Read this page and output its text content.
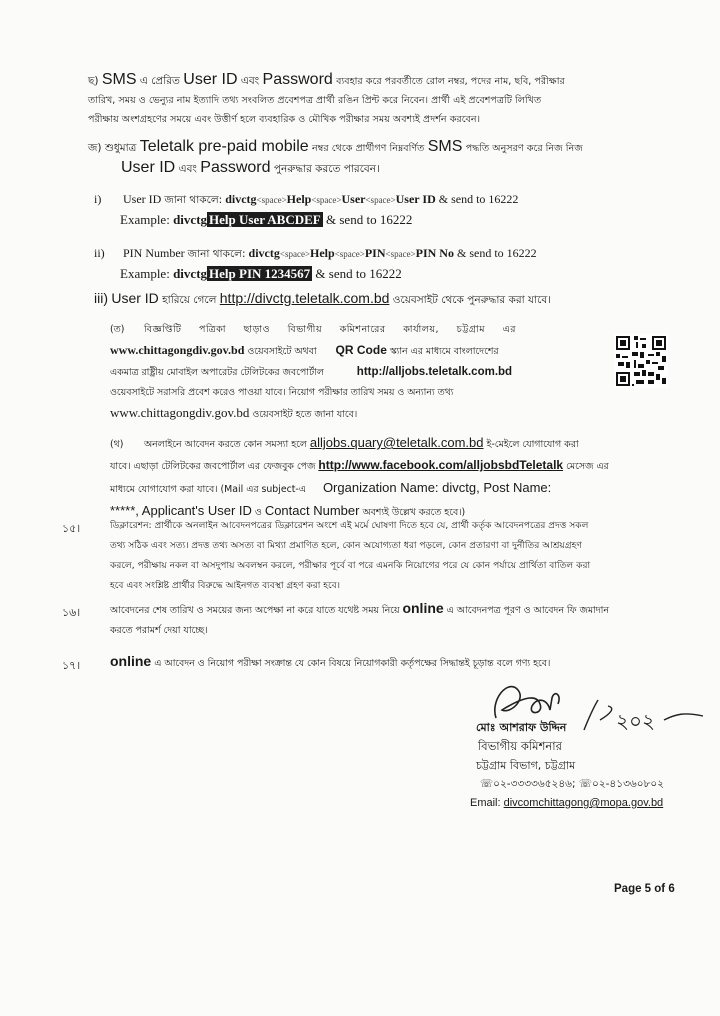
ছ) SMS এ প্রেরিত User ID এবং Password ব্যবহার করে পরবর্তীতে রোল নম্বর, পদের নাম, ছবি, পরীক্ষার
তারিখ, সময় ও ভেন্যুর নাম ইত্যাদি তথ্য সংবলিত প্রবেশপত্র প্রার্থী রঙিন প্রিন্ট করে নিবেন। প্রার্থী এই প্রবেশপত্রটি লিখিত
পরীক্ষায় অংশগ্রহণের সময়ে এবং উত্তীর্ণ হলে ব্যবহারিক ও মৌখিক পরীক্ষার সময় অবশ্যই প্রদর্শন করবেন।
জ) শুধুমাত্র Teletalk pre-paid mobile নম্বর থেকে প্রার্থীগণ নিম্নবর্ণিত SMS পদ্ধতি অনুসরণ করে নিজ নিজ
User ID এবং Password পুনরুদ্ধার করতে পারবেন।
i) User ID জানা থাকলে: divctg<space>Help<space>User<space>User ID & send to 16222
Example: divctg Help User ABCDEF & send to 16222
ii) PIN Number জানা থাকলে: divctg<space>Help<space>PIN<space>PIN No & send to 16222
Example: divctg Help PIN 1234567 & send to 16222
iii) User ID হারিয়ে গেলে http://divctg.teletalk.com.bd ওয়েবসাইট থেকে পুনরুদ্ধার করা যাবে।
(ত) বিজ্ঞপ্তিটি পত্রিকা ছাড়াও বিভাগীয় কমিশনারের কার্যালয়, চট্টগ্রাম এর
www.chittagongdiv.gov.bd ওয়েবসাইটে অথবা QR Code স্ক্যান এর মাধ্যমে বাংলাদেশের
একমাত্র রাষ্ট্রীয় মোবাইল অপারেটর টেলিটকের জবপোর্টাল	http://alljobs.teletalk.com.bd
ওয়েবসাইটে সরাসরি প্রবেশ করেও পাওয়া যাবে। নিয়োগ পরীক্ষার তারিখ সময় ও অন্যান্য তথ্য
www.chittagongdiv.gov.bd ওয়েবসাইট হতে জানা যাবে।
(থ) অনলাইনে আবেদন করতে কোন সমস্যা হলে alljobs.quary@teletalk.com.bd ই-মেইলে যোগাযোগ করা
যাবে। এছাড়া টেলিটকের জবপোর্টাল এর ফেজবুক পেজ http://www.facebook.com/alljobsbdTeletalk মেসেজ এর
মাধ্যমে যোগাযোগ করা যাবে। (Mail এর subject-এ Organization Name: divctg, Post Name:
*****, Applicant's User ID ও Contact Number অবশ্যই উল্লেখ করতে হবে।)
১৫।	ডিক্লারেশন: প্রার্থীকে অনলাইন আবেদনপত্রের ডিক্লারেশন অংশে এই মর্মে ঘোষণা দিতে হবে যে, প্রার্থী কর্তৃক আবেদনপত্রের প্রদত্ত সকল
তথ্য সঠিক এবং সত্য। প্রদত্ত তথ্য অসত্য বা মিথ্যা প্রমাণিত হলে, কোন অযোগ্যতা ধরা পড়লে, কোন প্রতারণা বা দুর্নীতির আশ্রয়গ্রহণ
করলে, পরীক্ষায় নকল বা অসদুপায় অবলম্বন করলে, পরীক্ষার পূর্বে বা পরে এমনকি নিয়োগের পরে যে কোন পর্যায়ে প্রার্থিতা বাতিল করা
হবে এবং সংশ্লিষ্ট প্রার্থীর বিরুদ্ধে আইনগত ব্যবস্থা গ্রহণ করা হবে।
১৬।	আবেদনের শেষ তারিখ ও সময়ের জন্য অপেক্ষা না করে যাতে যথেষ্ট সময় নিয়ে online এ আবেদনপত্র পূরণ ও আবেদন ফি জমাদান
করতে পরামর্শ দেয়া যাচ্ছে।
১৭। online এ আবেদন ও নিয়োগ পরীক্ষা সংক্রান্ত যে কোন বিষয়ে নিয়োগকারী কর্তৃপক্ষের সিদ্ধান্তই চূড়ান্ত বলে গণ্য হবে।
২০২
মোঃ আশরাফ উদ্দিন
বিভাগীয় কমিশনার
চট্টগ্রাম বিভাগ, চট্টগ্রাম
☏০২-৩৩৩৩৬৫২৪৬; ☏০২-৪১৩৬০৮০২
Email: divcomchittagong@mopa.gov.bd
Page 5 of 6
